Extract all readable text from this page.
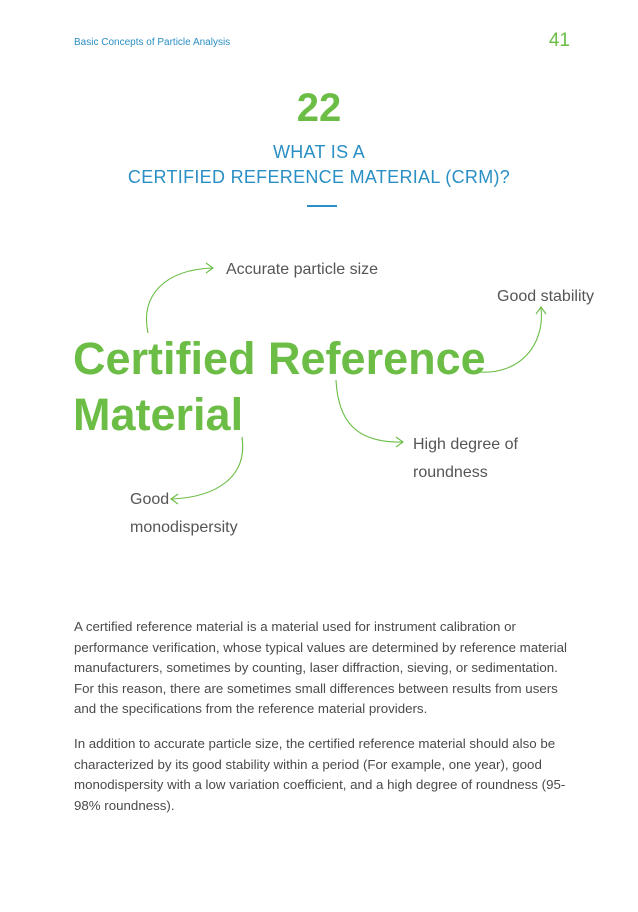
Basic Concepts of Particle Analysis	41
22
WHAT IS A
CERTIFIED REFERENCE MATERIAL (CRM)?
Accurate particle size
Good stability
High degree of roundness
Good monodispersity
Certified Reference
Material

A certified reference material is a material used for instrument calibration or performance verification, whose typical values are determined by reference material manufacturers, sometimes by counting, laser diffraction, sieving, or sedimentation. For this reason, there are sometimes small differences between results from users and the specifications from the reference material providers.

In addition to accurate particle size, the certified reference material should also be characterized by its good stability within a period (For example, one year), good monodispersity with a low variation coefficient, and a high degree of roundness (95-98% roundness).
